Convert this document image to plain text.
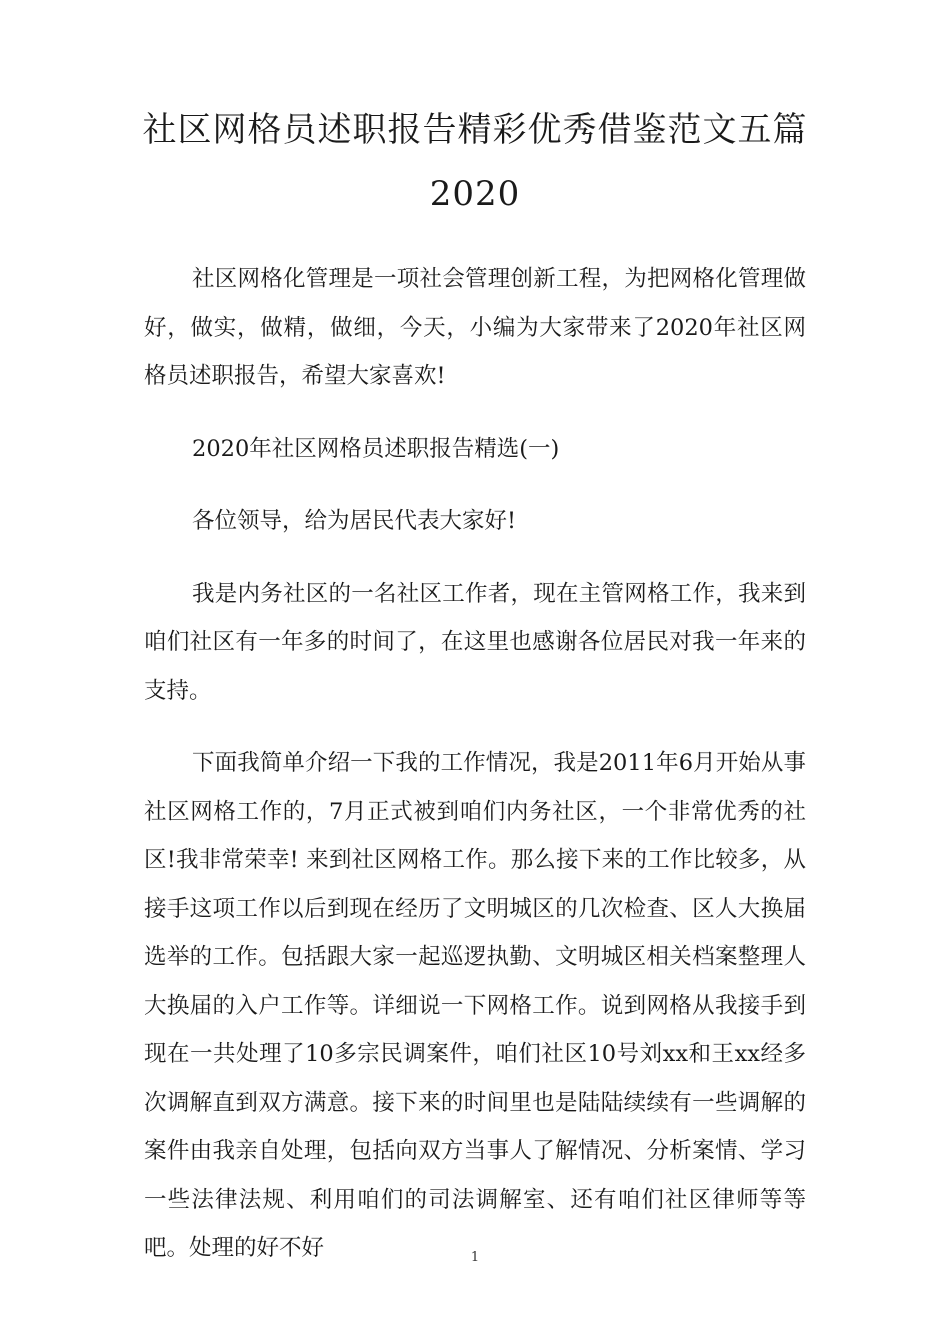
社区网格员述职报告精彩优秀借鉴范文五篇2020

社区网格化管理是一项社会管理创新工程，为把网格化管理做好，做实，做精，做细，今天，小编为大家带来了2020年社区网格员述职报告，希望大家喜欢!

2020年社区网格员述职报告精选(一)

各位领导，给为居民代表大家好!

我是内务社区的一名社区工作者，现在主管网格工作，我来到咱们社区有一年多的时间了，在这里也感谢各位居民对我一年来的支持。

下面我简单介绍一下我的工作情况，我是2011年6月开始从事社区网格工作的，7月正式被到咱们内务社区，一个非常优秀的社区!我非常荣幸! 来到社区网格工作。那么接下来的工作比较多，从接手这项工作以后到现在经历了文明城区的几次检查、区人大换届选举的工作。包括跟大家一起巡逻执勤、文明城区相关档案整理人大换届的入户工作等。详细说一下网格工作。说到网格从我接手到现在一共处理了10多宗民调案件，咱们社区10号刘xx和王xx经多次调解直到双方满意。接下来的时间里也是陆陆续续有一些调解的案件由我亲自处理，包括向双方当事人了解情况、分析案情、学习一些法律法规、利用咱们的司法调解室、还有咱们社区律师等等吧。处理的好不好	1
